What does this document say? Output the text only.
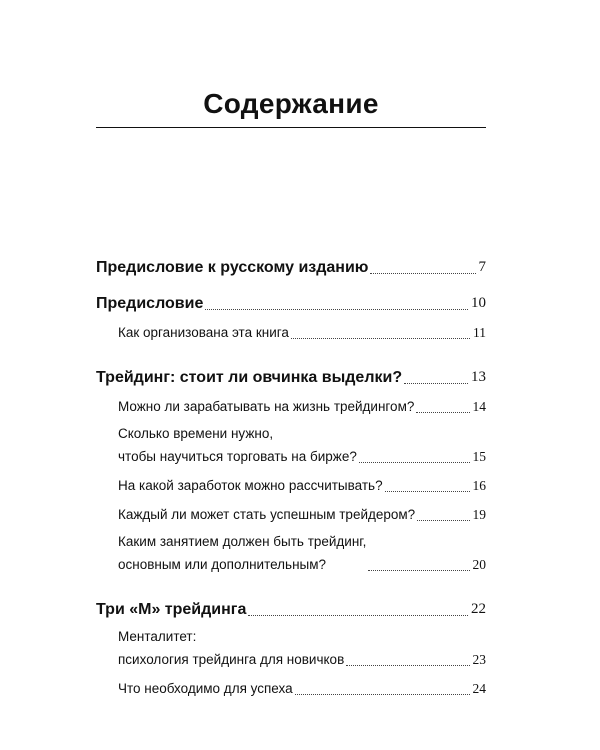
Содержание
Предисловие к русскому изданию	7
Предисловие	10
Как организована эта книга	11
Трейдинг: стоит ли овчинка выделки?	13
Можно ли зарабатывать на жизнь трейдингом?	14
Сколько времени нужно,
чтобы научиться торговать на бирже?	15
На какой заработок можно рассчитывать?	16
Каждый ли может стать успешным трейдером?	19
Каким занятием должен быть трейдинг,
основным или дополнительным?	20
Три «М» трейдинга	22
Менталитет:
психология трейдинга для новичков	23
Что необходимо для успеха	24
